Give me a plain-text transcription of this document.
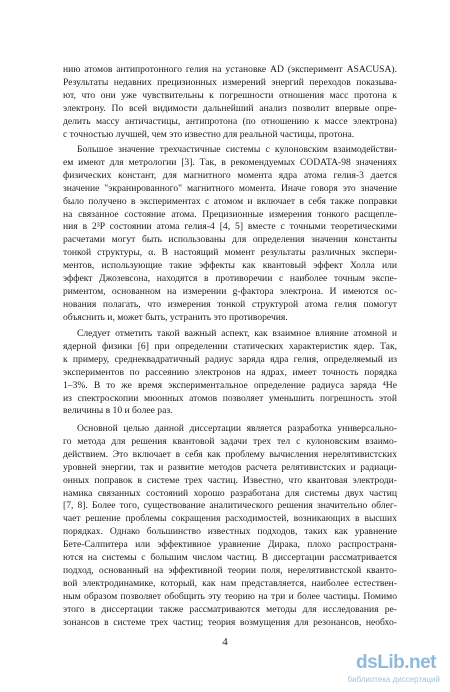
нию атомов антипротонного гелия на установке AD (эксперимент ASACUSA).
Результаты недавних прецизионных измерений энергий переходов показыва-
ют, что они уже чувствительны к погрешности отношения масс протона к
электрону. По всей видимости дальнейший анализ позволит впервые опре-
делить массу античастицы, антипротона (по отношению к массе электрона)
с точностью лучшей, чем это известно для реальной частицы, протона.

Большое значение трехчастичные системы с кулоновским взаимодействи-
ем имеют для метрологии [3]. Так, в рекомендуемых CODATA-98 значениях
физических констант, для магнитного момента ядра атома гелия-3 дается
значение "экранированного" магнитного момента. Иначе говоря это значение
было получено в экспериментах с атомом и включает в себя также поправки
на связанное состояние атома. Прецизионные измерения тонкого расщепле-
ния в 2³P состоянии атома гелия-4 [4, 5] вместе с точными теоретическими
расчетами могут быть использованы для определения значения константы
тонкой структуры, α. В настоящий момент результаты различных экспери-
ментов, использующие такие эффекты как квантовый эффект Холла или
эффект Джозевсона, находятся в противоречии с наиболее точным экспе-
риментом, основанном на измерении g-фактора электрона. И имеются ос-
нования полагать, что измерения тонкой структурой атома гелия помогут
объяснить и, может быть, устранить это противоречия.

Следует отметить такой важный аспект, как взаимное влияние атомной и
ядерной физики [6] при определении статических характеристик ядер. Так,
к примеру, среднеквадратичный радиус заряда ядра гелия, определяемый из
экспериментов по рассеянию электронов на ядрах, имеет точность порядка
1–3%. В то же время экспериментальное определение радиуса заряда ⁴He
из спектроскопии мюонных атомов позволяет уменьшить погрешность этой
величины в 10 и более раз.

Основной целью данной диссертации является разработка универсально-
го метода для решения квантовой задачи трех тел с кулоновским взаимо-
действием. Это включает в себя как проблему вычисления нерелятивистских
уровней энергии, так и развитие методов расчета релятивистских и радиаци-
онных поправок в системе трех частиц. Известно, что квантовая электроди-
намика связанных состояний хорошо разработана для системы двух частиц
[7, 8]. Более того, существование аналитического решения значительно облег-
чает решение проблемы сокращения расходимостей, возникающих в высших
порядках. Однако большинство известных подходов, таких как уравнение
Бете-Салпитера или эффективное уравнение Дирака, плохо распространя-
ются на системы с большим числом частиц. В диссертации рассматривается
подход, основанный на эффективной теории поля, нерелятивистской кванто-
вой электродинамике, который, как нам представляется, наиболее естествен-
ным образом позволяет обобщить эту теорию на три и более частицы. Помимо
этого в диссертации также рассматриваются методы для исследования ре-
зонансов в системе трех частиц; теория возмущения для резонансов, необхо-

4
dsLib.net
библиотека диссертаций
